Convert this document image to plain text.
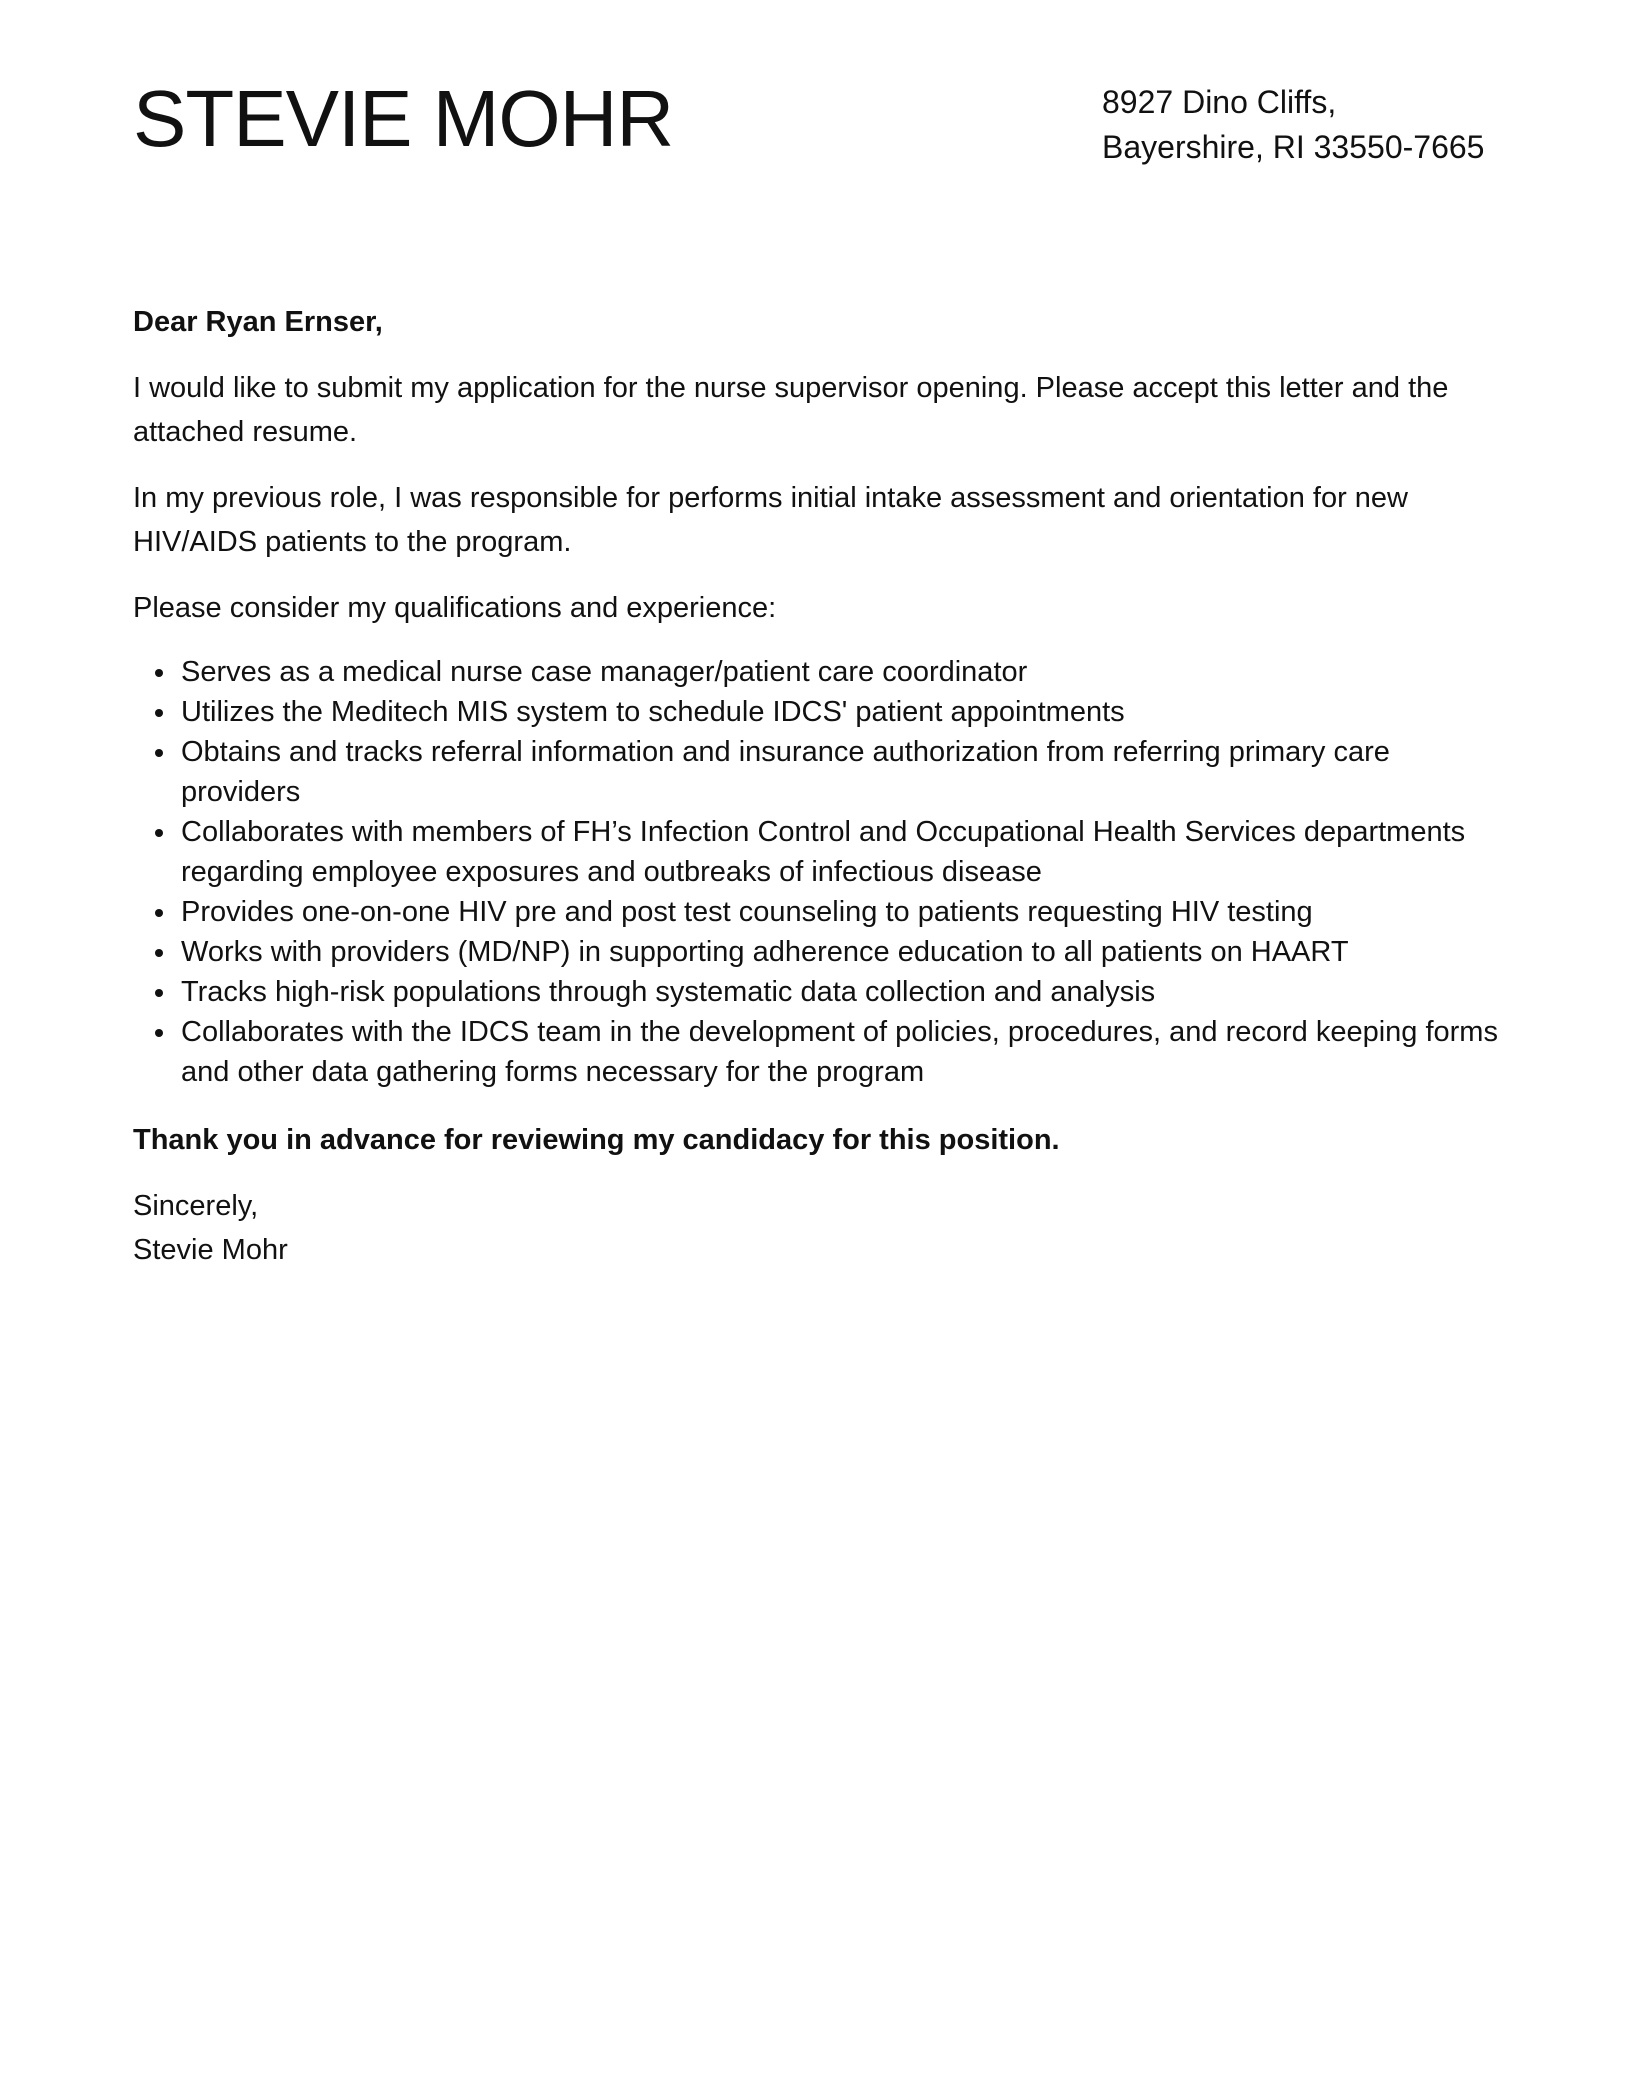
STEVIE MOHR	8927 Dino Cliffs,
Bayershire, RI 33550-7665

Dear Ryan Ernser,

I would like to submit my application for the nurse supervisor opening. Please accept this letter and the attached resume.

In my previous role, I was responsible for performs initial intake assessment and orientation for new HIV/AIDS patients to the program.

Please consider my qualifications and experience:

Serves as a medical nurse case manager/patient care coordinator
Utilizes the Meditech MIS system to schedule IDCS' patient appointments
Obtains and tracks referral information and insurance authorization from referring primary care providers
Collaborates with members of FH’s Infection Control and Occupational Health Services departments regarding employee exposures and outbreaks of infectious disease
Provides one-on-one HIV pre and post test counseling to patients requesting HIV testing
Works with providers (MD/NP) in supporting adherence education to all patients on HAART
Tracks high-risk populations through systematic data collection and analysis
Collaborates with the IDCS team in the development of policies, procedures, and record keeping forms and other data gathering forms necessary for the program

Thank you in advance for reviewing my candidacy for this position.

Sincerely,
Stevie Mohr
